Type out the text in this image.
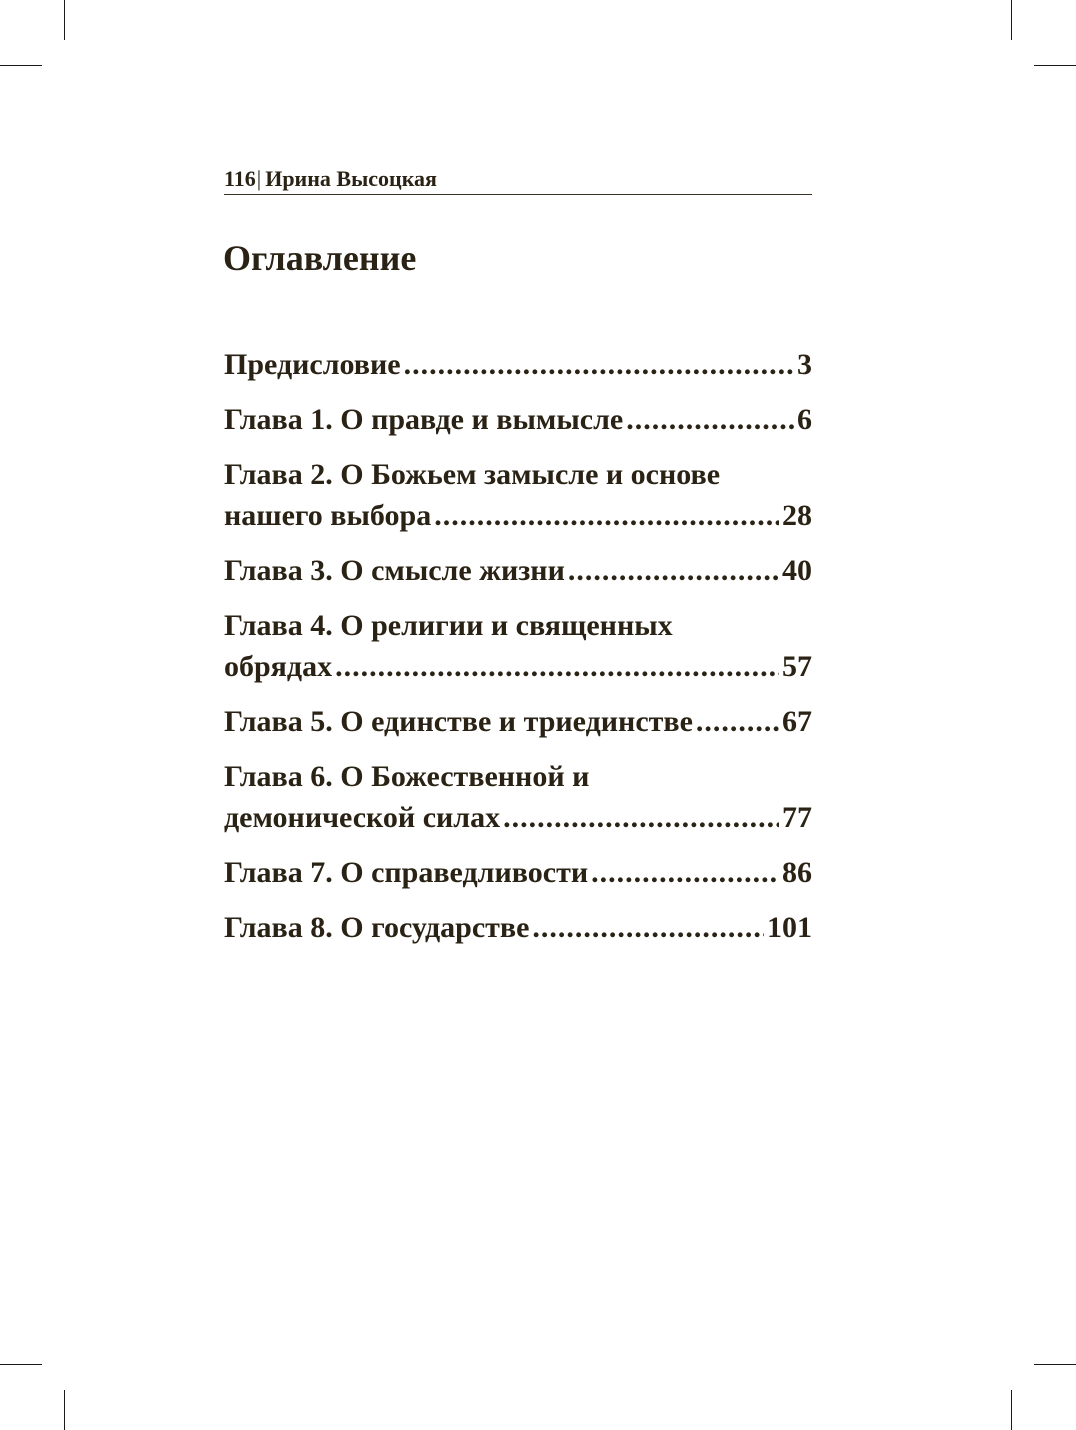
116| Ирина Высоцкая
Оглавление
Предисловие .....	3
Глава 1. О правде и вымысле .....	6
Глава 2. О Божьем замысле и основе
нашего выбора .....	28
Глава 3. О смысле жизни .....	40
Глава 4. О религии и священных
обрядах .....	57
Глава 5. О единстве и триединстве .....	67
Глава 6. О Божественной и
демонической силах .....	77
Глава 7. О справедливости .....	86
Глава 8. О государстве .....	101
